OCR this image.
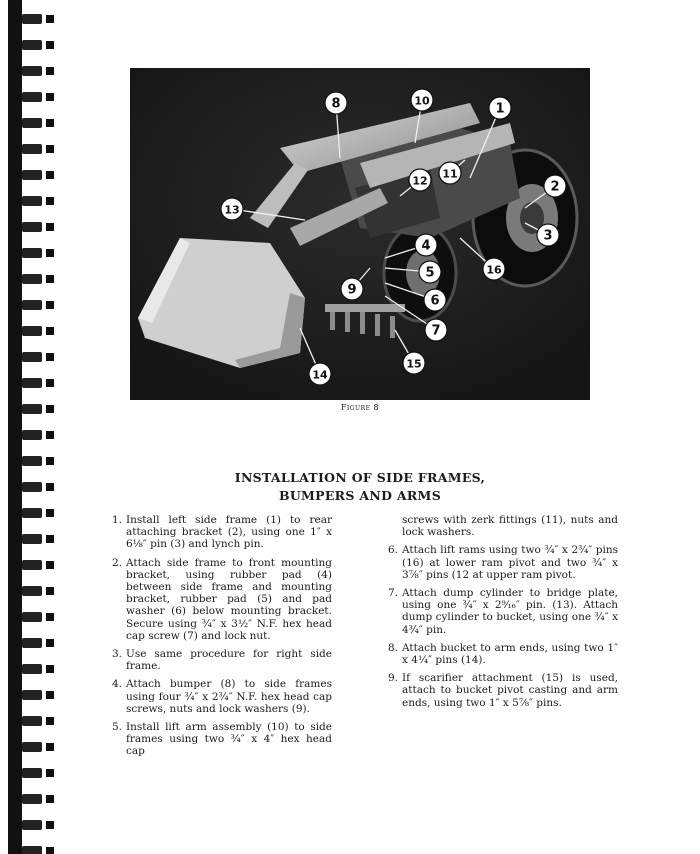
1
2
3
4
5
6
7
8
9
10
11
12
13
14
15
16
Figure 8
INSTALLATION OF SIDE FRAMES,
BUMPERS AND ARMS
1. Install left side frame (1) to rear attaching bracket (2), using one 1″ x 6⅛″ pin (3) and lynch pin.
2. Attach side frame to front mounting bracket, using rubber pad (4) between side frame and mounting bracket, rubber pad (5) and pad washer (6) below mounting bracket. Secure using ¾″ x 3½″ N.F. hex head cap screw (7) and lock nut.
3. Use same procedure for right side frame.
4. Attach bumper (8) to side frames using four ¾″ x 2¾″ N.F. hex head cap screws, nuts and lock washers (9).
5. Install lift arm assembly (10) to side frames using two ¾″ x 4″ hex head cap
screws with zerk fittings (11), nuts and lock washers.
6. Attach lift rams using two ¾″ x 2¾″ pins (16) at lower ram pivot and two ¾″ x 3⅞″ pins (12 at upper ram pivot.
7. Attach dump cylinder to bridge plate, using one ¾″ x 2⁹⁄₁₆″ pin. (13). Attach dump cylinder to bucket, using one ¾″ x 4¾″ pin.
8. Attach bucket to arm ends, using two 1″ x 4¼″ pins (14).
9. If scarifier attachment (15) is used, attach to bucket pivot casting and arm ends, using two 1″ x 5⅞″ pins.
